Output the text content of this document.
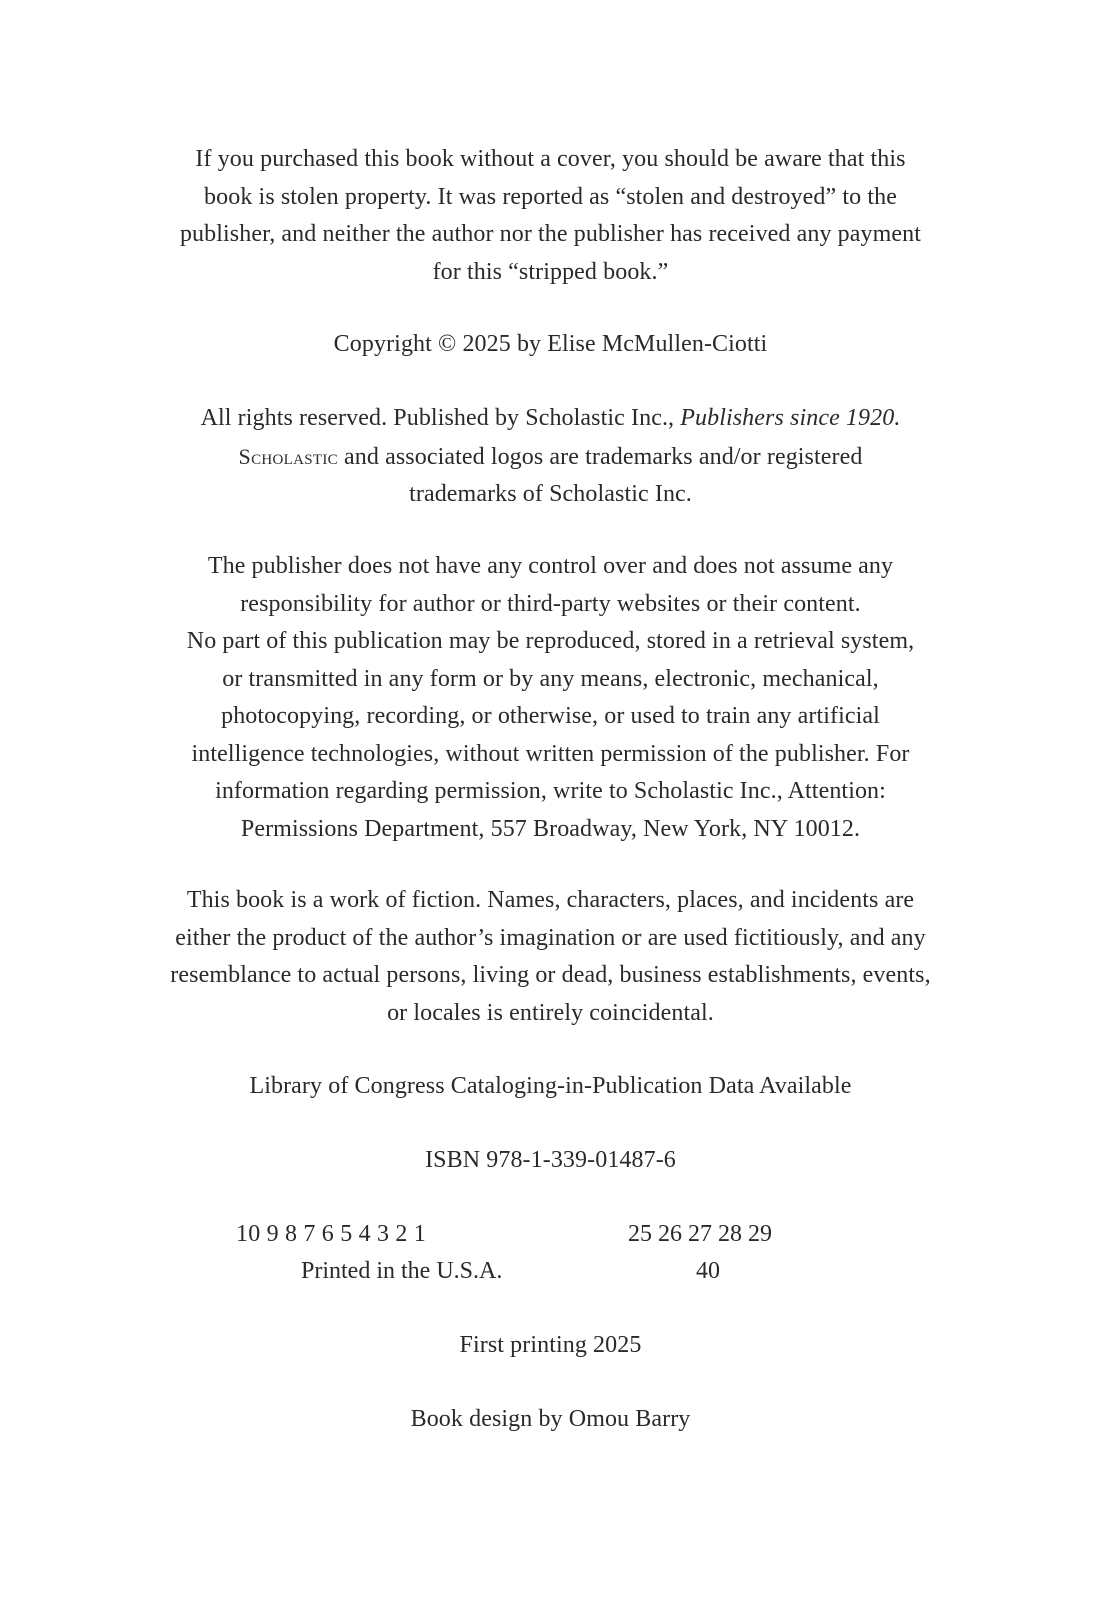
If you purchased this book without a cover, you should be aware that this
book is stolen property. It was reported as “stolen and destroyed” to the
publisher, and neither the author nor the publisher has received any payment
for this “stripped book.”
Copyright © 2025 by Elise McMullen-Ciotti
All rights reserved. Published by Scholastic Inc., Publishers since 1920.
Scholastic and associated logos are trademarks and/or registered
trademarks of Scholastic Inc.
The publisher does not have any control over and does not assume any
responsibility for author or third-party websites or their content.
No part of this publication may be reproduced, stored in a retrieval system,
or transmitted in any form or by any means, electronic, mechanical,
photocopying, recording, or otherwise, or used to train any artificial
intelligence technologies, without written permission of the publisher. For
information regarding permission, write to Scholastic Inc., Attention:
Permissions Department, 557 Broadway, New York, NY 10012.
This book is a work of fiction. Names, characters, places, and incidents are
either the product of the author’s imagination or are used fictitiously, and any
resemblance to actual persons, living or dead, business establishments, events,
or locales is entirely coincidental.
Library of Congress Cataloging-in-Publication Data Available
ISBN 978-1-339-01487-6
10 9 8 7 6 5 4 3 2 1	25 26 27 28 29
Printed in the U.S.A.	40
First printing 2025
Book design by Omou Barry
